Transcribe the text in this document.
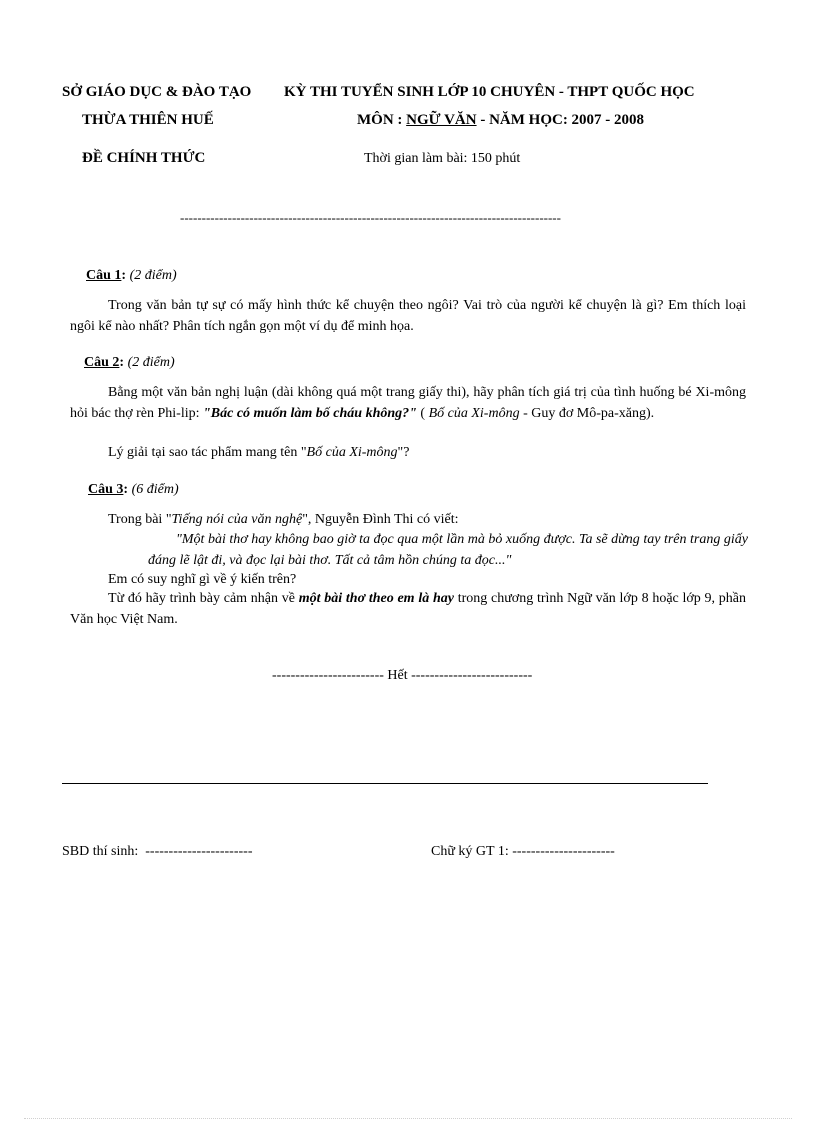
SỞ GIÁO DỤC & ĐÀO TẠO KỲ THI TUYỂN SINH LỚP 10 CHUYÊN - THPT QUỐC HỌC
THỪA THIÊN HUẾ	MÔN : NGỮ VĂN - NĂM HỌC: 2007 - 2008
ĐỀ CHÍNH THỨC	Thời gian làm bài: 150 phút
----------------------------------------------------------------------------------------
Câu 1: (2 điểm)
Trong văn bản tự sự có mấy hình thức kể chuyện theo ngôi? Vai trò của người kể chuyện là gì? Em thích loại ngôi kể nào nhất? Phân tích ngắn gọn một ví dụ để minh họa.
Câu 2: (2 điểm)
Bằng một văn bản nghị luận (dài không quá một trang giấy thi), hãy phân tích giá trị của tình huống bé Xi-mông hỏi bác thợ rèn Phi-lip: "Bác có muốn làm bố cháu không?" ( Bố của Xi-mông - Guy đơ Mô-pa-xăng).
Lý giải tại sao tác phẩm mang tên "Bố của Xi-mông"?
Câu 3: (6 điểm)
Trong bài "Tiếng nói của văn nghệ", Nguyễn Đình Thi có viết:
"Một bài thơ hay không bao giờ ta đọc qua một lần mà bỏ xuống được. Ta sẽ dừng tay trên trang giấy đáng lẽ lật đi, và đọc lại bài thơ. Tất cả tâm hồn chúng ta đọc..."
Em có suy nghĩ gì về ý kiến trên?
Từ đó hãy trình bày cảm nhận về một bài thơ theo em là hay trong chương trình Ngữ văn lớp 8 hoặc lớp 9, phần Văn học Việt Nam.
------------------------ Hết --------------------------
SBD thí sinh: -----------------------	Chữ ký GT 1: ----------------------
